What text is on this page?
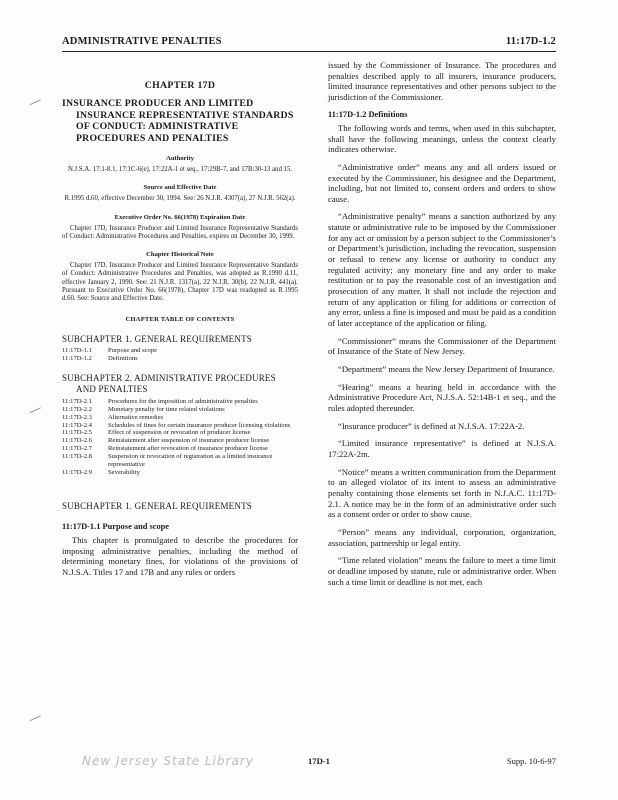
ADMINISTRATIVE PENALTIES	11:17D-1.2
CHAPTER 17D
INSURANCE PRODUCER AND LIMITED INSURANCE REPRESENTATIVE STANDARDS OF CONDUCT: ADMINISTRATIVE PROCEDURES AND PENALTIES
Authority
N.J.S.A. 17:1-8.1, 17:1C-6(e), 17:22A-1 et seq., 17:29B-7, and 17B:30-13 and 15.
Source and Effective Date
R.1995 d.60, effective December 30, 1994. See: 26 N.J.R. 4307(a), 27 N.J.R. 562(a).
Executive Order No. 66(1978) Expiration Date
Chapter 17D, Insurance Producer and Limited Insurance Representative Standards of Conduct: Administrative Procedures and Penalties, expires on December 30, 1999.
Chapter Historical Note
Chapter 17D, Insurance Producer and Limited Insurance Representative Standards of Conduct: Administrative Procedures and Penalties, was adopted as R.1990 d.11, effective January 2, 1990. See: 21 N.J.R. 1317(a), 22 N.J.R. 30(b), 22 N.J.R. 441(a). Pursuant to Executive Order No. 66(1978), Chapter 17D was readopted as R.1995 d.60. See: Source and Effective Date.
CHAPTER TABLE OF CONTENTS
SUBCHAPTER 1. GENERAL REQUIREMENTS
11:17D-1.1	Purpose and scope
11:17D-1.2	Definitions
SUBCHAPTER 2. ADMINISTRATIVE PROCEDURES
AND PENALTIES
11:17D-2.1	Procedures for the imposition of administrative penalties
11:17D-2.2	Monetary penalty for time related violations
11:17D-2.3	Alternative remedies
11:17D-2.4	Schedules of fines for certain insurance producer licensing violations
11:17D-2.5	Effect of suspension or revocation of producer license
11:17D-2.6	Reinstatement after suspension of insurance producer license
11:17D-2.7	Reinstatement after revocation of insurance producer license
11:17D-2.8	Suspension or revocation of registration as a limited insurance representative
11:17D-2.9	Severability
SUBCHAPTER 1. GENERAL REQUIREMENTS
11:17D-1.1 Purpose and scope

This chapter is promulgated to describe the procedures for imposing administrative penalties, including the method of determining monetary fines, for violations of the provisions of N.J.S.A. Titles 17 and 17B and any rules or orders

issued by the Commissioner of Insurance. The procedures and penalties described apply to all insurers, insurance producers, limited insurance representatives and other persons subject to the jurisdiction of the Commissioner.

11:17D-1.2 Definitions

The following words and terms, when used in this subchapter, shall have the following meanings, unless the context clearly indicates otherwise.

“Administrative order” means any and all orders issued or executed by the Commissioner, his designee and the Department, including, but not limited to, consent orders and orders to show cause.

“Administrative penalty” means a sanction authorized by any statute or administrative rule to be imposed by the Commissioner for any act or omission by a person subject to the Commissioner’s or Department’s jurisdiction, including the revocation, suspension or refusal to renew any license or authority to conduct any regulated activity; any monetary fine and any order to make restitution or to pay the reasonable cost of an investigation and prosecution of any matter. It shall not include the rejection and return of any application or filing for additions or correction of any error, unless a fine is imposed and must be paid as a condition of later acceptance of the application or filing.

“Commissioner” means the Commissioner of the Department of Insurance of the State of New Jersey.

“Department” means the New Jersey Department of Insurance.

“Hearing” means a hearing held in accordance with the Administrative Procedure Act, N.J.S.A. 52:14B-1 et seq., and the rules adopted thereunder.

“Insurance producer” is defined at N.J.S.A. 17:22A-2.

“Limited insurance representative” is defined at N.J.S.A. 17:22A-2m.

“Notice” means a written communication from the Department to an alleged violator of its intent to assess an administrative penalty containing those elements set forth in N.J.A.C. 11:17D-2.1. A notice may be in the form of an administrative order such as a consent order or order to show cause.

“Person” means any individual, corporation, organization, association, partnership or legal entity.

“Time related violation” means the failure to meet a time limit or deadline imposed by statute, rule or administrative order. When such a time limit or deadline is not met, each

New Jersey State Library	17D-1	Supp. 10-6-97
